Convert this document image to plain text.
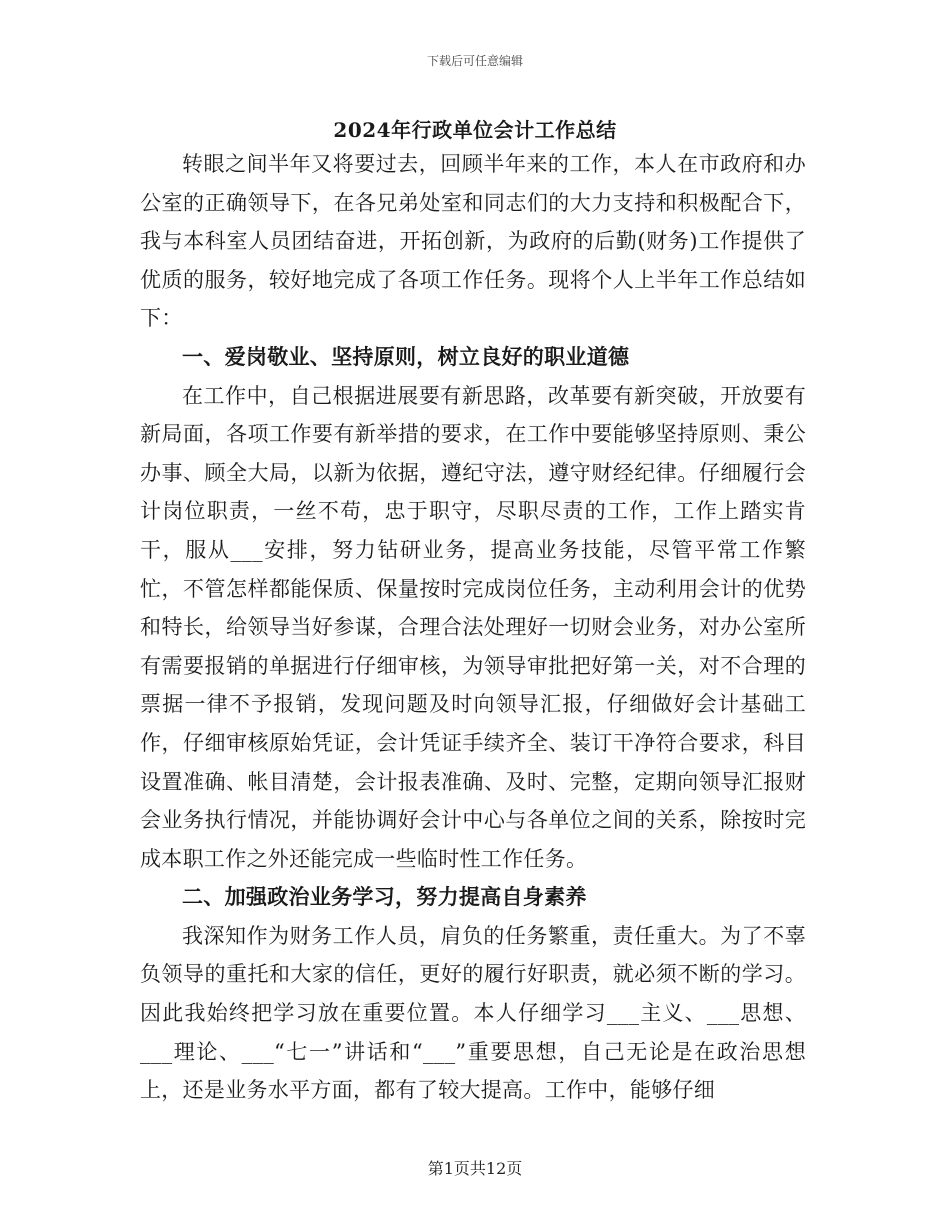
下载后可任意编辑
2024年行政单位会计工作总结

转眼之间半年又将要过去，回顾半年来的工作，本人在市政府和办公室的正确领导下，在各兄弟处室和同志们的大力支持和积极配合下，我与本科室人员团结奋进，开拓创新，为政府的后勤(财务)工作提供了优质的服务，较好地完成了各项工作任务。现将个人上半年工作总结如下：

一、爱岗敬业、坚持原则，树立良好的职业道德

在工作中，自己根据进展要有新思路，改革要有新突破，开放要有新局面，各项工作要有新举措的要求，在工作中要能够坚持原则、秉公办事、顾全大局，以新为依据，遵纪守法，遵守财经纪律。仔细履行会计岗位职责，一丝不苟，忠于职守，尽职尽责的工作，工作上踏实肯干，服从___安排，努力钻研业务，提高业务技能，尽管平常工作繁忙，不管怎样都能保质、保量按时完成岗位任务，主动利用会计的优势和特长，给领导当好参谋，合理合法处理好一切财会业务，对办公室所有需要报销的单据进行仔细审核，为领导审批把好第一关，对不合理的票据一律不予报销，发现问题及时向领导汇报，仔细做好会计基础工作，仔细审核原始凭证，会计凭证手续齐全、装订干净符合要求，科目设置准确、帐目清楚，会计报表准确、及时、完整，定期向领导汇报财会业务执行情况，并能协调好会计中心与各单位之间的关系，除按时完成本职工作之外还能完成一些临时性工作任务。

二、加强政治业务学习，努力提高自身素养

我深知作为财务工作人员，肩负的任务繁重，责任重大。为了不辜负领导的重托和大家的信任，更好的履行好职责，就必须不断的学习。因此我始终把学习放在重要位置。本人仔细学习___主义、___思想、___理论、___“七一”讲话和“___”重要思想，自己无论是在政治思想上，还是业务水平方面，都有了较大提高。工作中，能够仔细

第1页共12页
